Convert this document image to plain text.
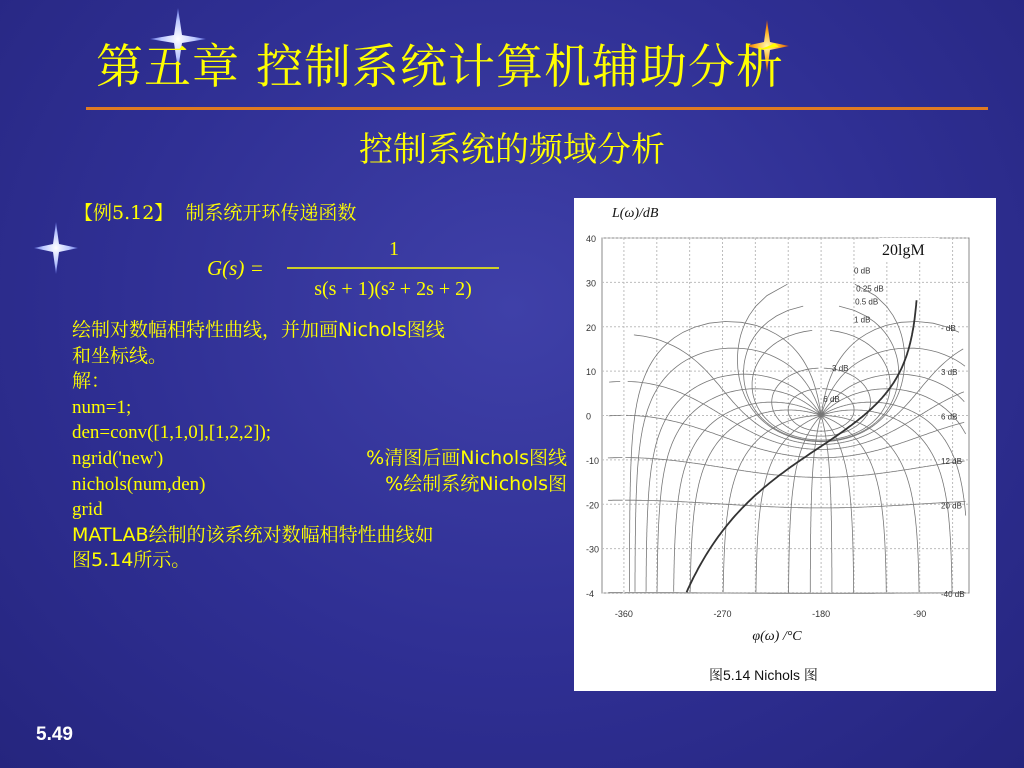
第五章 控制系统计算机辅助分析
控制系统的频域分析
【例5.12】 制系统开环传递函数
G(s) =
1
s(s + 1)(s² + 2s + 2)
绘制对数幅相特性曲线，并加画Nichols图线
和坐标线。
解：
num=1;
den=conv([1,1,0],[1,2,2]);
ngrid('new')	%清图后画Nichols图线
nichols(num,den)	%绘制系统Nichols图
grid
MATLAB绘制的该系统对数幅相特性曲线如
图5.14所示。
40
30
20
10
0
-10
-20
-30
-4
-360	-270	-180	-90
- dB
3 dB
6 dB
12 dB
20 dB
-40 dB
0 dB
0.25 dB
0.5 dB
1 dB
3 dB
6 dB
L(ω)/dB
φ(ω) /°C
图5.14 Nichols 图
20lgM
5.49
